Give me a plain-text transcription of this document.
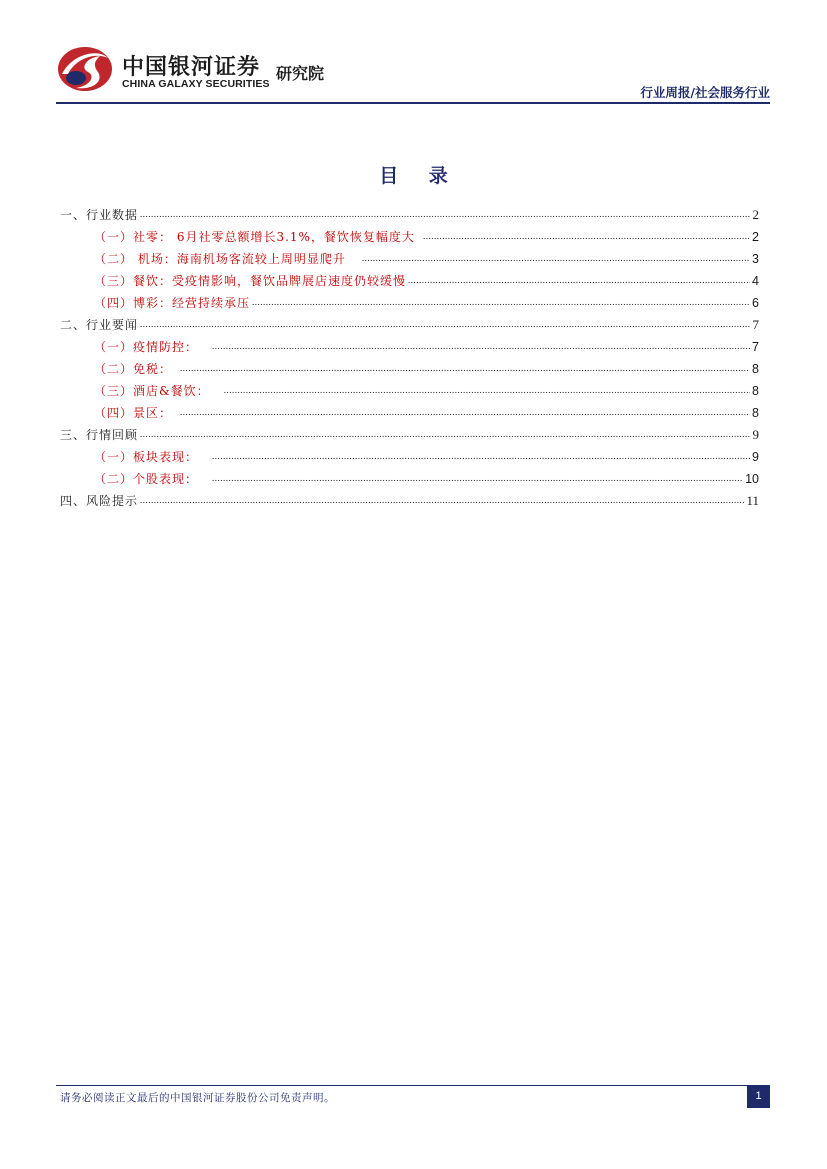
中国银河证券 研究院
CHINA GALAXY SECURITIES
行业周报/社会服务行业
目 录
一、行业数据 .....	2
（一）社零： 6月社零总额增长3.1%，餐饮恢复幅度大 .....	2
（二） 机场：海南机场客流较上周明显爬升 .....	3
（三）餐饮：受疫情影响，餐饮品牌展店速度仍较缓慢 .....	4
（四）博彩：经营持续承压 .....	6
二、行业要闻 .....	7
（一）疫情防控： .....	7
（二）免税： .....	8
（三）酒店&餐饮： .....	8
（四）景区： .....	8
三、行情回顾 .....	9
（一）板块表现： .....	9
（二）个股表现： .....	10
四、风险提示 .....	11
请务必阅读正文最后的中国银河证券股份公司免责声明。	1
